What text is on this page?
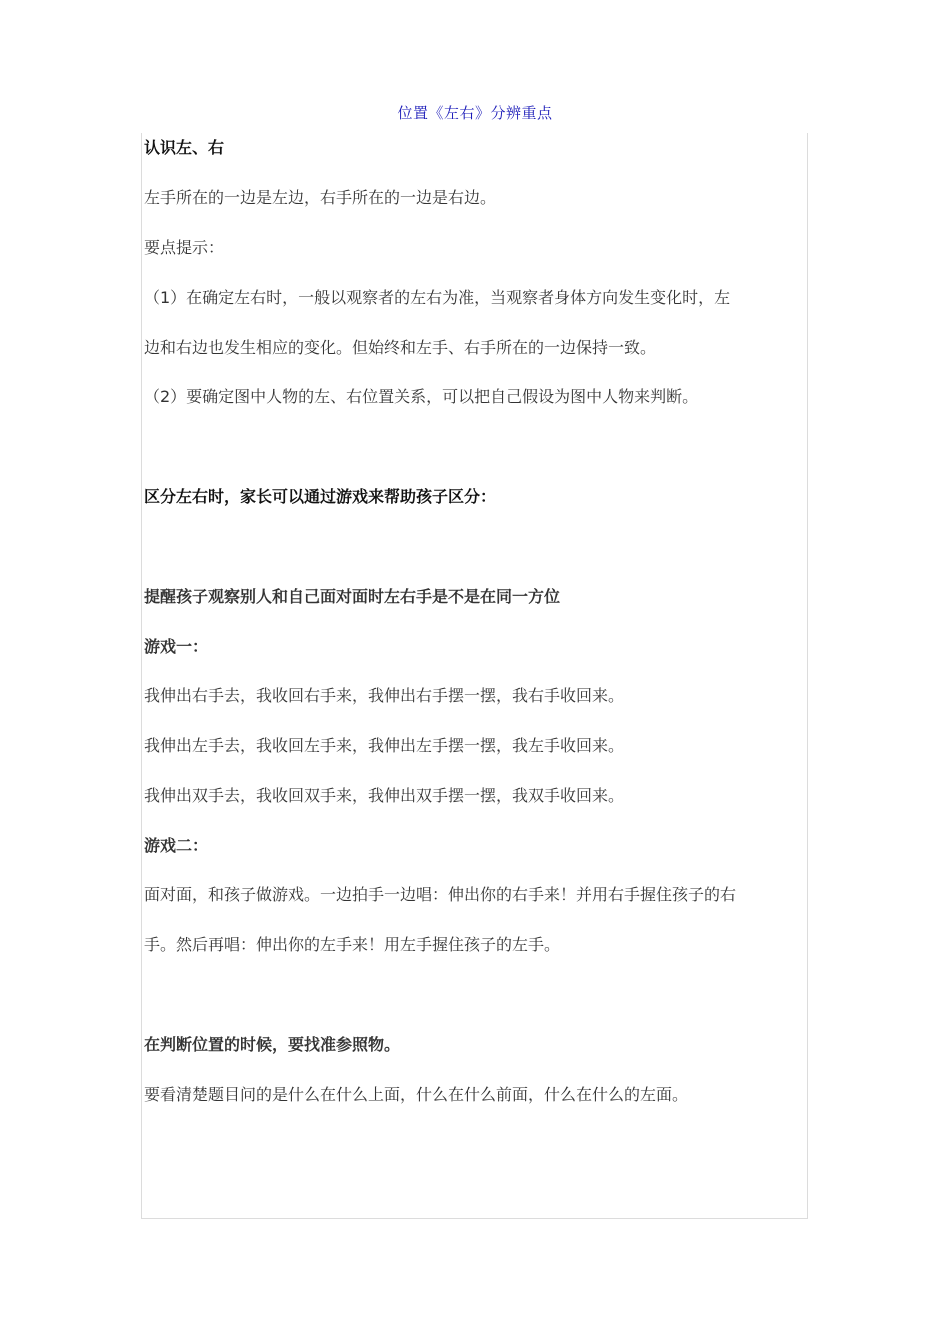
位置《左右》分辨重点
认识左、右
左手所在的一边是左边，右手所在的一边是右边。
要点提示：
（1）在确定左右时，一般以观察者的左右为准，当观察者身体方向发生变化时，左
边和右边也发生相应的变化。但始终和左手、右手所在的一边保持一致。
（2）要确定图中人物的左、右位置关系，可以把自己假设为图中人物来判断。
区分左右时，家长可以通过游戏来帮助孩子区分：
提醒孩子观察别人和自己面对面时左右手是不是在同一方位
游戏一：
我伸出右手去，我收回右手来，我伸出右手摆一摆，我右手收回来。
我伸出左手去，我收回左手来，我伸出左手摆一摆，我左手收回来。
我伸出双手去，我收回双手来，我伸出双手摆一摆，我双手收回来。
游戏二：
面对面，和孩子做游戏。一边拍手一边唱：伸出你的右手来！并用右手握住孩子的右
手。然后再唱：伸出你的左手来！用左手握住孩子的左手。
在判断位置的时候，要找准参照物。
要看清楚题目问的是什么在什么上面，什么在什么前面，什么在什么的左面。
